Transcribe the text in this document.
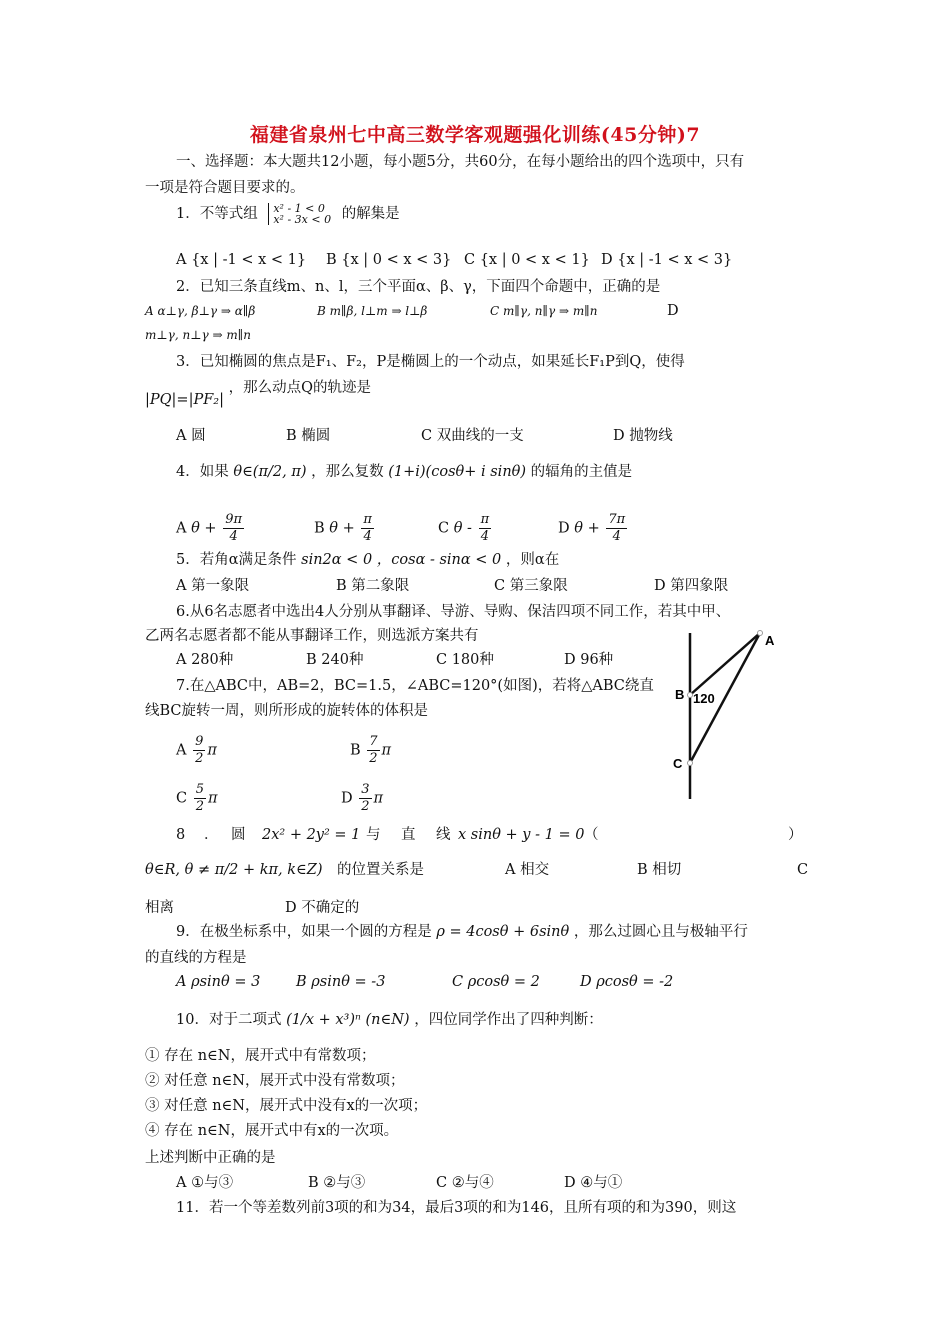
福建省泉州七中高三数学客观题强化训练(45分钟)7
一、选择题：本大题共12小题，每小题5分，共60分，在每小题给出的四个选项中，只有
一项是符合题目要求的。
1．不等式组 x² - 1 < 0
x² - 3x < 0 的解集是
A {x | -1 < x < 1} B {x | 0 < x < 3} C {x | 0 < x < 1} D {x | -1 < x < 3}
2．已知三条直线m、n、l，三个平面α、β、γ，下面四个命题中，正确的是
A α⊥γ, β⊥γ ⇒ α∥β	B m∥β, l⊥m ⇒ l⊥β	C m∥γ, n∥γ ⇒ m∥n	D
m⊥γ, n⊥γ ⇒ m∥n
3．已知椭圆的焦点是F₁、F₂，P是椭圆上的一个动点，如果延长F₁P到Q，使得
|PQ|=|PF₂| ，那么动点Q的轨迹是
A 圆	B 椭圆	C 双曲线的一支	D 抛物线
4．如果 θ∈(π/2, π) ，那么复数 (1+i)(cosθ+ i sinθ) 的辐角的主值是
A $\theta + \frac{9\pi}{4}$	B $\theta + \frac{\pi}{4}$	C θ - $\frac{\pi}{4}$	D $\theta + \frac{7\pi}{4}$
5．若角α满足条件 sin2α < 0 ，cosα - sinα < 0 ，则α在
A 第一象限	B 第二象限	C 第三象限	D 第四象限
6.从6名志愿者中选出4人分别从事翻译、导游、导购、保洁四项不同工作，若其中甲、
乙两名志愿者都不能从事翻译工作，则选派方案共有
A 280种	B 240种	C 180种	D 96种
7.在△ABC中，AB=2，BC=1.5，∠ABC=120°(如图)，若将△ABC绕直
线BC旋转一周，则所形成的旋转体的体积是
A $\frac{9}{2}$ π	B $\frac{7}{2}$ π
C $\frac{5}{2}$ π	D $\frac{3}{2}$ π
A
B 120
C
8 ． 圆 2x² + 2y² = 1 与 直 线 x sinθ + y - 1 = 0 （	）
θ∈R, θ ≠ π/2 + kπ, k∈Z) 的位置关系是	A 相交	B 相切	C
相离	D 不确定的
9．在极坐标系中，如果一个圆的方程是 ρ = 4cosθ + 6sinθ ，那么过圆心且与极轴平行
的直线的方程是
A ρsinθ = 3 B ρsinθ = -3	C ρcosθ = 2	D ρcosθ = -2
10．对于二项式 (1/x + x³)ⁿ (n∈N) ，四位同学作出了四种判断：
① 存在 n∈N，展开式中有常数项；
② 对任意 n∈N，展开式中没有常数项；
③ 对任意 n∈N，展开式中没有x的一次项；
④ 存在 n∈N，展开式中有x的一次项。
上述判断中正确的是
A ①与③	B ②与③	C ②与④	D ④与①
11．若一个等差数列前3项的和为34，最后3项的和为146，且所有项的和为390，则这
